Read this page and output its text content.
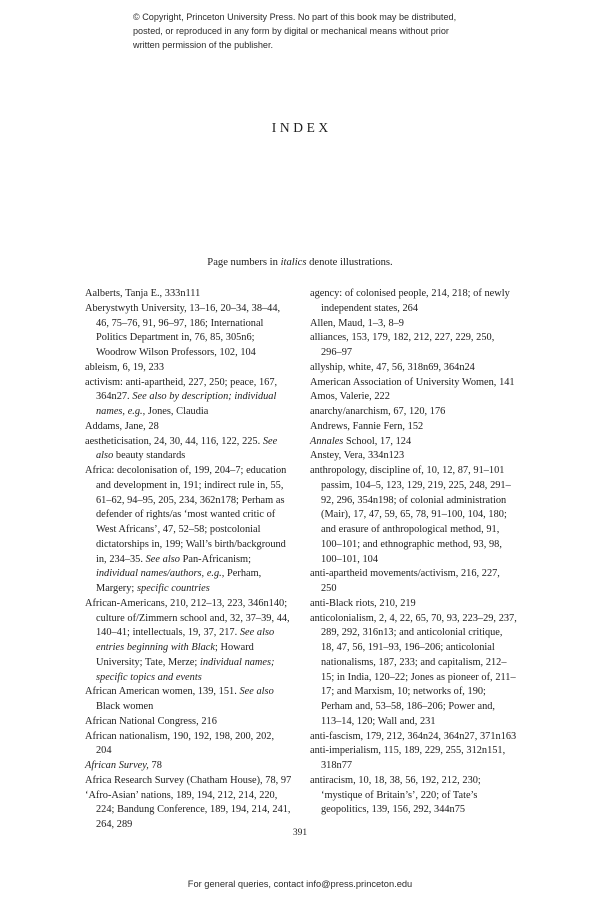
© Copyright, Princeton University Press. No part of this book may be distributed, posted, or reproduced in any form by digital or mechanical means without prior written permission of the publisher.
INDEX
Page numbers in italics denote illustrations.

Aalberts, Tanja E., 333n111

Aberystwyth University, 13–16, 20–34, 38–44, 46, 75–76, 91, 96–97, 186; International Politics Department in, 76, 85, 305n6; Woodrow Wilson Professors, 102, 104

ableism, 6, 19, 233

activism: anti-apartheid, 227, 250; peace, 167, 364n27. See also by description; individual names, e.g., Jones, Claudia

Addams, Jane, 28

aestheticisation, 24, 30, 44, 116, 122, 225. See also beauty standards

Africa: decolonisation of, 199, 204–7; education and development in, 191; indirect rule in, 55, 61–62, 94–95, 205, 234, 362n178; Perham as defender of rights/as ‘most wanted critic of West Africans’, 47, 52–58; postcolonial dictatorships in, 199; Wall’s birth/background in, 234–35. See also Pan-Africanism; individual names/authors, e.g., Perham, Margery; specific countries

African-Americans, 210, 212–13, 223, 346n140; culture of/Zimmern school and, 32, 37–39, 44, 140–41; intellectuals, 19, 37, 217. See also entries beginning with Black; Howard University; Tate, Merze; individual names; specific topics and events

African American women, 139, 151. See also Black women

African National Congress, 216

African nationalism, 190, 192, 198, 200, 202, 204

African Survey, 78

Africa Research Survey (Chatham House), 78, 97

‘Afro-Asian’ nations, 189, 194, 212, 214, 220, 224; Bandung Conference, 189, 194, 214, 241, 264, 289

agency: of colonised people, 214, 218; of newly independent states, 264

Allen, Maud, 1–3, 8–9

alliances, 153, 179, 182, 212, 227, 229, 250, 296–97

allyship, white, 47, 56, 318n69, 364n24

American Association of University Women, 141

Amos, Valerie, 222

anarchy/anarchism, 67, 120, 176

Andrews, Fannie Fern, 152

Annales School, 17, 124

Anstey, Vera, 334n123

anthropology, discipline of, 10, 12, 87, 91–101 passim, 104–5, 123, 129, 219, 225, 248, 291–92, 296, 354n198; of colonial administration (Mair), 17, 47, 59, 65, 78, 91–100, 104, 180; and erasure of anthropological method, 91, 100–101; and ethnographic method, 93, 98, 100–101, 104

anti-apartheid movements/activism, 216, 227, 250

anti-Black riots, 210, 219

anticolonialism, 2, 4, 22, 65, 70, 93, 223–29, 237, 289, 292, 316n13; and anticolonial critique, 18, 47, 56, 191–93, 196–206; anticolonial nationalisms, 187, 233; and capitalism, 212–15; in India, 120–22; Jones as pioneer of, 211–17; and Marxism, 10; networks of, 190; Perham and, 53–58, 186–206; Power and, 113–14, 120; Wall and, 231

anti-fascism, 179, 212, 364n24, 364n27, 371n163

anti-imperialism, 115, 189, 229, 255, 312n151, 318n77

antiracism, 10, 18, 38, 56, 192, 212, 230; ‘mystique of Britain’s’, 220; of Tate’s geopolitics, 139, 156, 292, 344n75

391
For general queries, contact info@press.princeton.edu
